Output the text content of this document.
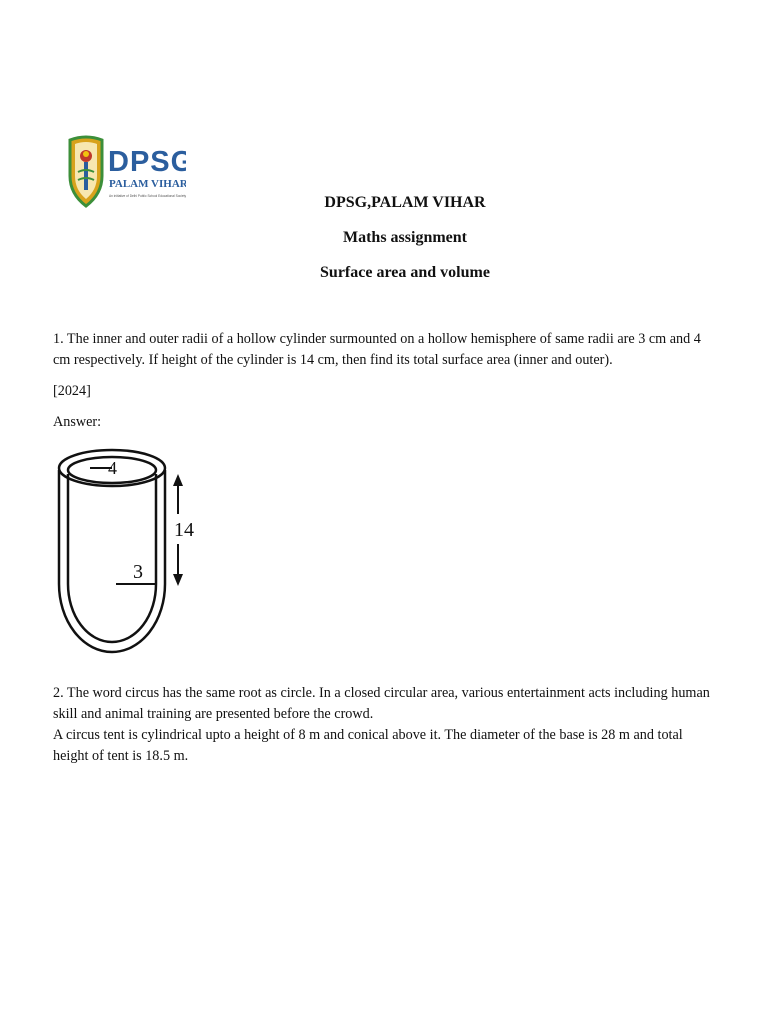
DPSG
PALAM VIHAR
An initiative of Delhi Public School Educational Society	DPSG,PALAM VIHAR
Maths assignment
Surface area and volume
1. The inner and outer radii of a hollow cylinder surmounted on a hollow hemisphere of same radii are 3 cm and 4 cm respectively. If height of the cylinder is 14 cm, then find its total surface area (inner and outer).
[2024]
Answer:
4
3
14
2. The word circus has the same root as circle. In a closed circular area, various entertainment acts including human skill and animal training are presented before the crowd.
A circus tent is cylindrical upto a height of 8 m and conical above it. The diameter of the base is 28 m and total height of tent is 18.5 m.
